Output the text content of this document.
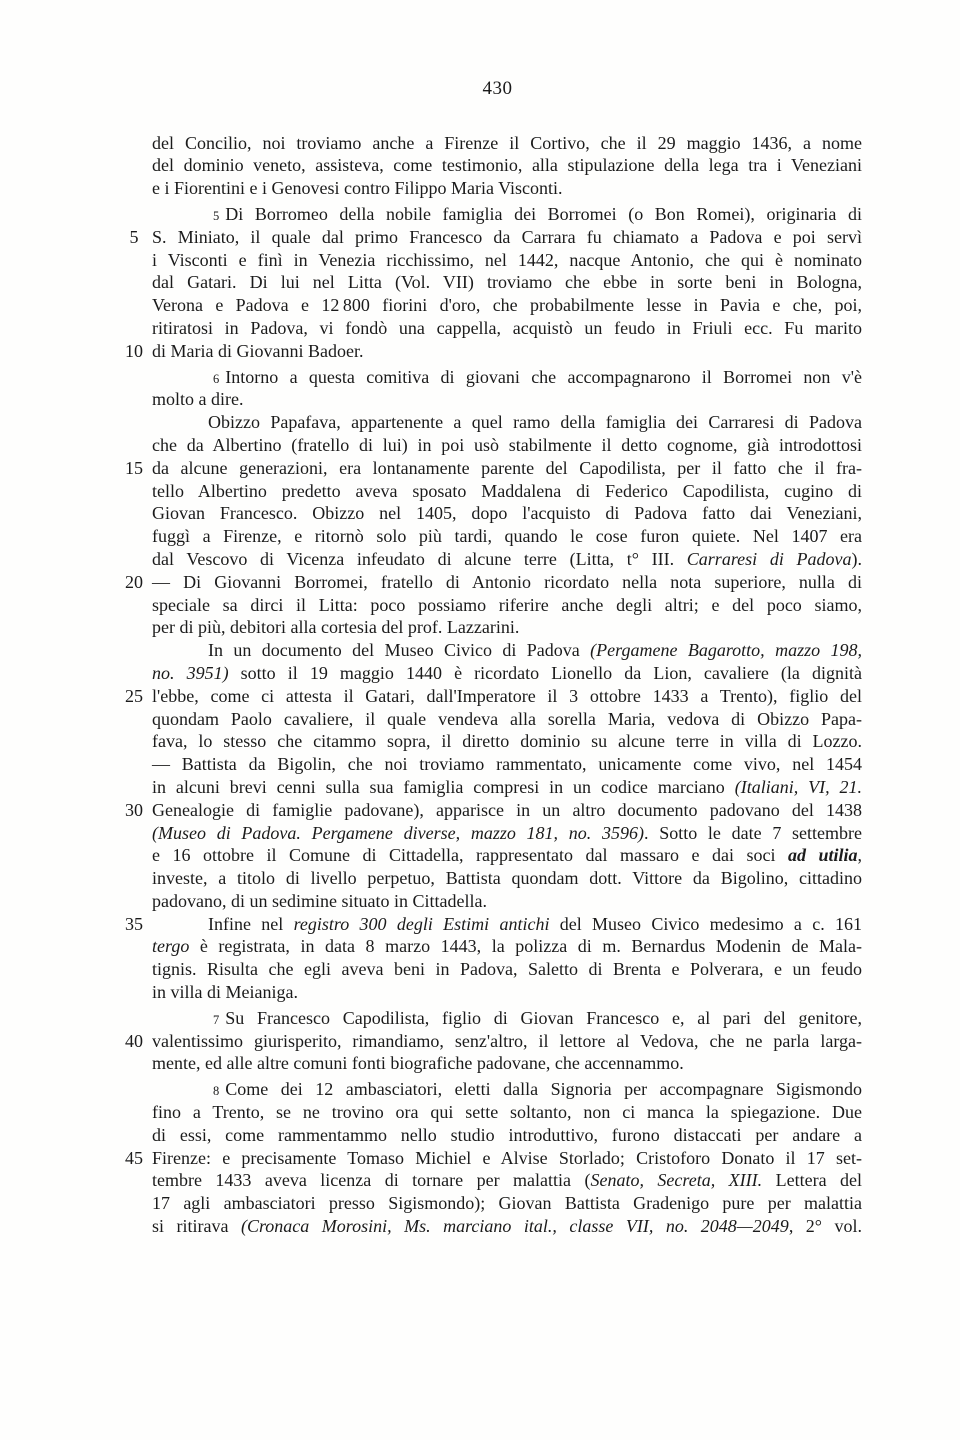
430
del Concilio, noi troviamo anche a Firenze il Cortivo, che il 29 maggio 1436, a nome
del dominio veneto, assisteva, come testimonio, alla stipulazione della lega tra i Veneziani
e i Fiorentini e i Genovesi contro Filippo Maria Visconti.
5 Di Borromeo della nobile famiglia dei Borromei (o Bon Romei), originaria di
5 S. Miniato, il quale dal primo Francesco da Carrara fu chiamato a Padova e poi servì
i Visconti e finì in Venezia ricchissimo, nel 1442, nacque Antonio, che qui è nominato
dal Gatari. Di lui nel Litta (Vol. VII) troviamo che ebbe in sorte beni in Bologna,
Verona e Padova e 12 800 fiorini d'oro, che probabilmente lesse in Pavia e che, poi,
ritiratosi in Padova, vi fondò una cappella, acquistò un feudo in Friuli ecc. Fu marito
10 di Maria di Giovanni Badoer.
6 Intorno a questa comitiva di giovani che accompagnarono il Borromei non v'è
molto a dire.
Obizzo Papafava, appartenente a quel ramo della famiglia dei Carraresi di Padova
che da Albertino (fratello di lui) in poi usò stabilmente il detto cognome, già introdottosi
15 da alcune generazioni, era lontanamente parente del Capodilista, per il fatto che il fra-
tello Albertino predetto aveva sposato Maddalena di Federico Capodilista, cugino di
Giovan Francesco. Obizzo nel 1405, dopo l'acquisto di Padova fatto dai Veneziani,
fuggì a Firenze, e ritornò solo più tardi, quando le cose furon quiete. Nel 1407 era
dal Vescovo di Vicenza infeudato di alcune terre (Litta, t° III. Carraresi di Padova).
20 — Di Giovanni Borromei, fratello di Antonio ricordato nella nota superiore, nulla di
speciale sa dirci il Litta: poco possiamo riferire anche degli altri; e del poco siamo,
per di più, debitori alla cortesia del prof. Lazzarini.
In un documento del Museo Civico di Padova (Pergamene Bagarotto, mazzo 198,
no. 3951) sotto il 19 maggio 1440 è ricordato Lionello da Lion, cavaliere (la dignità
25 l'ebbe, come ci attesta il Gatari, dall'Imperatore il 3 ottobre 1433 a Trento), figlio del
quondam Paolo cavaliere, il quale vendeva alla sorella Maria, vedova di Obizzo Papa-
fava, lo stesso che citammo sopra, il diretto dominio su alcune terre in villa di Lozzo.
— Battista da Bigolin, che noi troviamo rammentato, unicamente come vivo, nel 1454
in alcuni brevi cenni sulla sua famiglia compresi in un codice marciano (Italiani, VI, 21.
30 Genealogie di famiglie padovane), apparisce in un altro documento padovano del 1438
(Museo di Padova. Pergamene diverse, mazzo 181, no. 3596). Sotto le date 7 settembre
e 16 ottobre il Comune di Cittadella, rappresentato dal massaro e dai soci ad utilia,
investe, a titolo di livello perpetuo, Battista quondam dott. Vittore da Bigolino, cittadino
padovano, di un sedimine situato in Cittadella.
35	Infine nel registro 300 degli Estimi antichi del Museo Civico medesimo a c. 161
tergo è registrata, in data 8 marzo 1443, la polizza di m. Bernardus Modenin de Mala-
tignis. Risulta che egli aveva beni in Padova, Saletto di Brenta e Polverara, e un feudo
in villa di Meianiga.
7 Su Francesco Capodilista, figlio di Giovan Francesco e, al pari del genitore,
40 valentissimo giurisperito, rimandiamo, senz'altro, il lettore al Vedova, che ne parla larga-
mente, ed alle altre comuni fonti biografiche padovane, che accennammo.
8 Come dei 12 ambasciatori, eletti dalla Signoria per accompagnare Sigismondo
fino a Trento, se ne trovino ora qui sette soltanto, non ci manca la spiegazione. Due
di essi, come rammentammo nello studio introduttivo, furono distaccati per andare a
45 Firenze: e precisamente Tomaso Michiel e Alvise Storlado; Cristoforo Donato il 17 set-
tembre 1433 aveva licenza di tornare per malattia (Senato, Secreta, XIII. Lettera del
17 agli ambasciatori presso Sigismondo); Giovan Battista Gradenigo pure per malattia
si ritirava (Cronaca Morosini, Ms. marciano ital., classe VII, no. 2048—2049, 2° vol.
